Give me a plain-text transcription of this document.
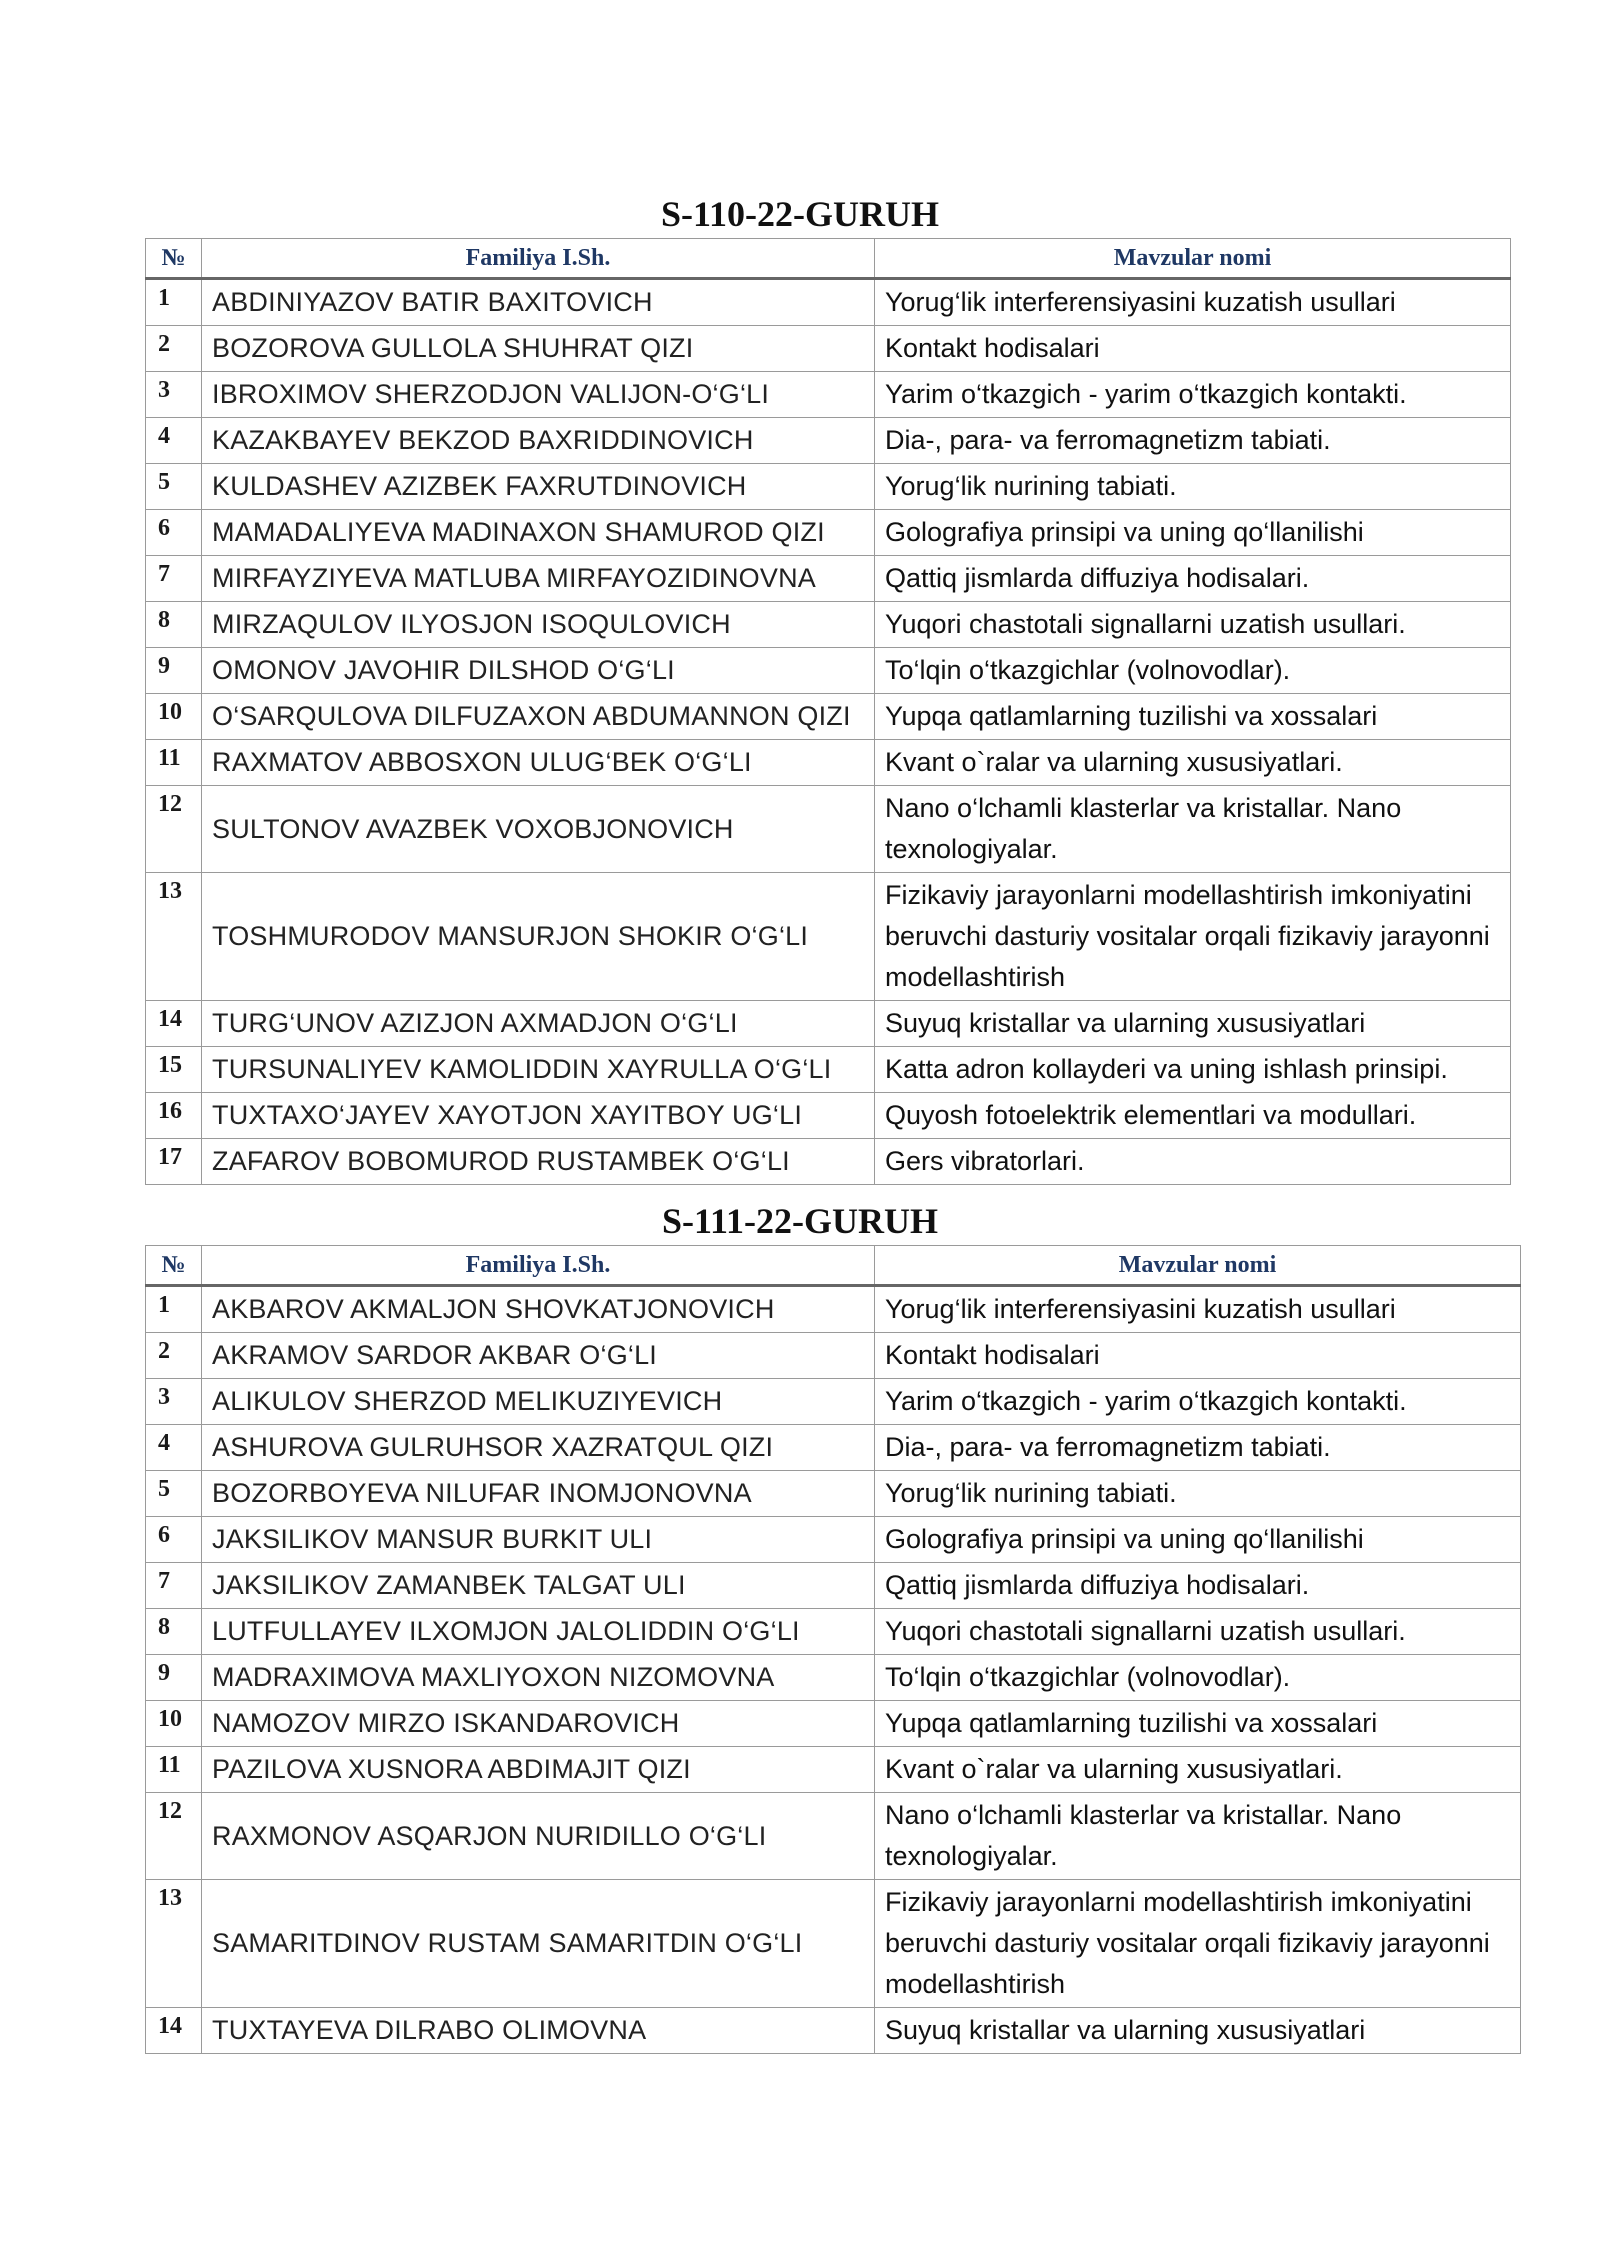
S-110-22-GURUH
№	Familiya I.Sh.	Mavzular nomi
1	ABDINIYAZOV BATIR BAXITOVICH	Yorug‘lik interferensiyasini kuzatish usullari
2	BOZOROVA GULLOLA SHUHRAT QIZI	Kontakt hodisalari
3	IBROXIMOV SHERZODJON VALIJON-O‘G‘LI	Yarim o‘tkazgich - yarim o‘tkazgich kontakti.
4	KAZAKBAYEV BEKZOD BAXRIDDINOVICH	Dia-, para- va ferromagnetizm tabiati.
5	KULDASHEV AZIZBEK FAXRUTDINOVICH	Yorug‘lik nurining tabiati.
6	MAMADALIYEVA MADINAXON SHAMUROD QIZI	Golografiya prinsipi va uning qo‘llanilishi
7	MIRFAYZIYEVA MATLUBA MIRFAYOZIDINOVNA	Qattiq jismlarda diffuziya hodisalari.
8	MIRZAQULOV ILYOSJON ISOQULOVICH	Yuqori chastotali signallarni uzatish usullari.
9	OMONOV JAVOHIR DILSHOD O‘G‘LI	To‘lqin o‘tkazgichlar (volnovodlar).
10	O‘SARQULOVA DILFUZAXON ABDUMANNON QIZI	Yupqa qatlamlarning tuzilishi va xossalari
11	RAXMATOV ABBOSXON ULUG‘BEK O‘G‘LI	Kvant o`ralar va ularning xususiyatlari.
12	SULTONOV AVAZBEK VOXOBJONOVICH	Nano o‘lchamli klasterlar va kristallar. Nano texnologiyalar.
13	TOSHMURODOV MANSURJON SHOKIR O‘G‘LI	Fizikaviy jarayonlarni modellashtirish imkoniyatini beruvchi dasturiy vositalar orqali fizikaviy jarayonni modellashtirish
14	TURG‘UNOV AZIZJON AXMADJON O‘G‘LI	Suyuq kristallar va ularning xususiyatlari
15	TURSUNALIYEV KAMOLIDDIN XAYRULLA O‘G‘LI	Katta adron kollayderi va uning ishlash prinsipi.
16	TUXTAXO‘JAYEV XAYOTJON XAYITBOY UG‘LI	Quyosh fotoelektrik elementlari va modullari.
17	ZAFAROV BOBOMUROD RUSTAMBEK O‘G‘LI	Gers vibratorlari.
S-111-22-GURUH
№	Familiya I.Sh.	Mavzular nomi
1	AKBAROV AKMALJON SHOVKATJONOVICH	Yorug‘lik interferensiyasini kuzatish usullari
2	AKRAMOV SARDOR AKBAR O‘G‘LI	Kontakt hodisalari
3	ALIKULOV SHERZOD MELIKUZIYEVICH	Yarim o‘tkazgich - yarim o‘tkazgich kontakti.
4	ASHUROVA GULRUHSOR XAZRATQUL QIZI	Dia-, para- va ferromagnetizm tabiati.
5	BOZORBOYEVA NILUFAR INOMJONOVNA	Yorug‘lik nurining tabiati.
6	JAKSILIKOV MANSUR BURKIT ULI	Golografiya prinsipi va uning qo‘llanilishi
7	JAKSILIKOV ZAMANBEK TALGAT ULI	Qattiq jismlarda diffuziya hodisalari.
8	LUTFULLAYEV ILXOMJON JALOLIDDIN O‘G‘LI	Yuqori chastotali signallarni uzatish usullari.
9	MADRAXIMOVA MAXLIYOXON NIZOMOVNA	To‘lqin o‘tkazgichlar (volnovodlar).
10	NAMOZOV MIRZO ISKANDAROVICH	Yupqa qatlamlarning tuzilishi va xossalari
11	PAZILOVA XUSNORA ABDIMAJIT QIZI	Kvant o`ralar va ularning xususiyatlari.
12	RAXMONOV ASQARJON NURIDILLO O‘G‘LI	Nano o‘lchamli klasterlar va kristallar. Nano texnologiyalar.
13	SAMARITDINOV RUSTAM SAMARITDIN O‘G‘LI	Fizikaviy jarayonlarni modellashtirish imkoniyatini beruvchi dasturiy vositalar orqali fizikaviy jarayonni modellashtirish
14	TUXTAYEVA DILRABO OLIMOVNA	Suyuq kristallar va ularning xususiyatlari
